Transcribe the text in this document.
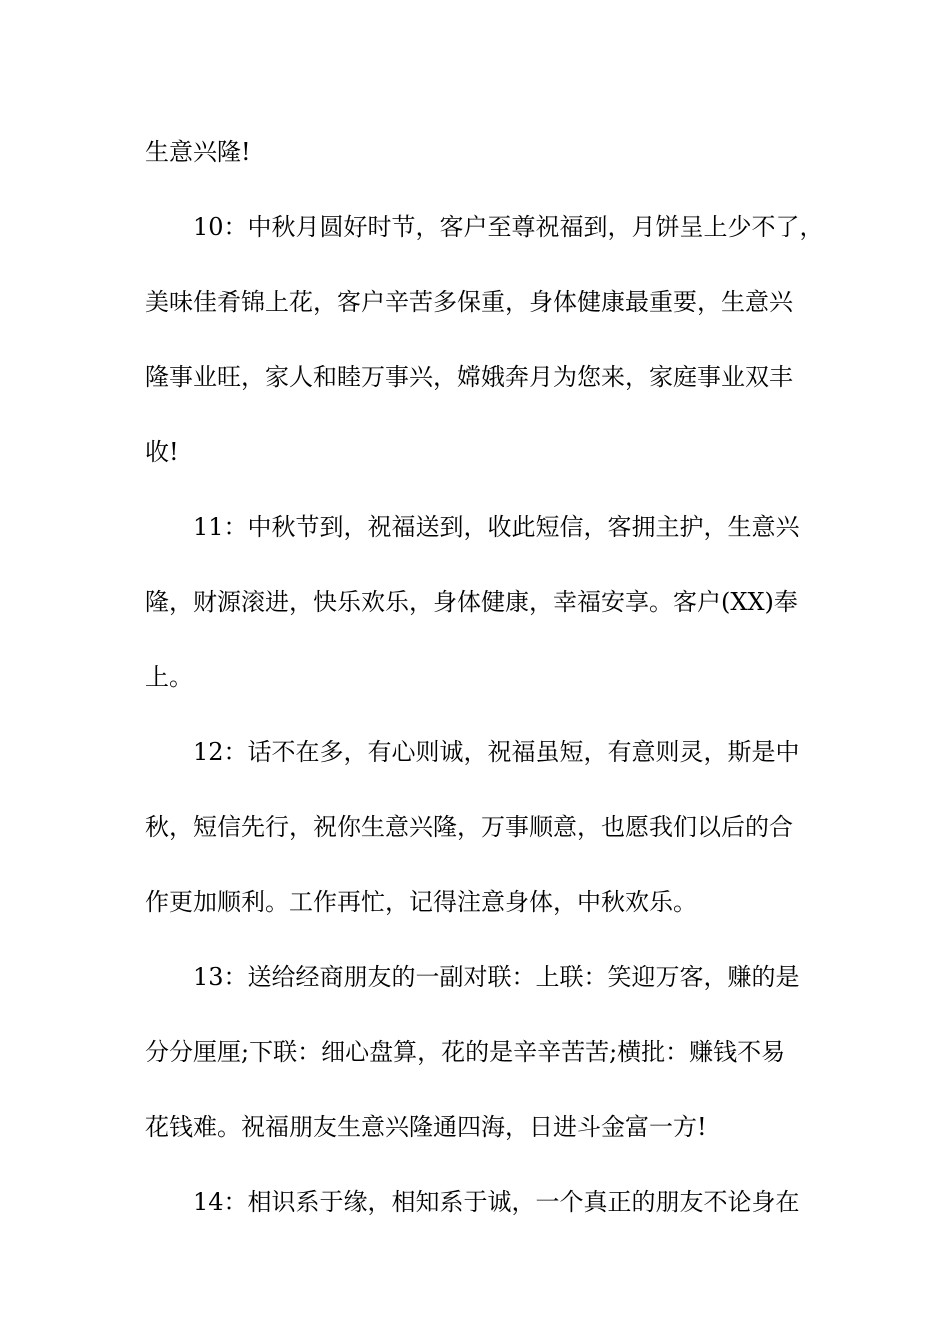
生意兴隆!
10：中秋月圆好时节，客户至尊祝福到，月饼呈上少不了，
美味佳肴锦上花，客户辛苦多保重，身体健康最重要，生意兴
隆事业旺，家人和睦万事兴，嫦娥奔月为您来，家庭事业双丰
收!
11：中秋节到，祝福送到，收此短信，客拥主护，生意兴
隆，财源滚进，快乐欢乐，身体健康，幸福安享。客户(XX)奉
上。
12：话不在多，有心则诚，祝福虽短，有意则灵，斯是中
秋，短信先行，祝你生意兴隆，万事顺意，也愿我们以后的合
作更加顺利。工作再忙，记得注意身体，中秋欢乐。
13：送给经商朋友的一副对联：上联：笑迎万客，赚的是
分分厘厘;下联：细心盘算，花的是辛辛苦苦;横批：赚钱不易
花钱难。祝福朋友生意兴隆通四海，日进斗金富一方!
14：相识系于缘，相知系于诚，一个真正的朋友不论身在
